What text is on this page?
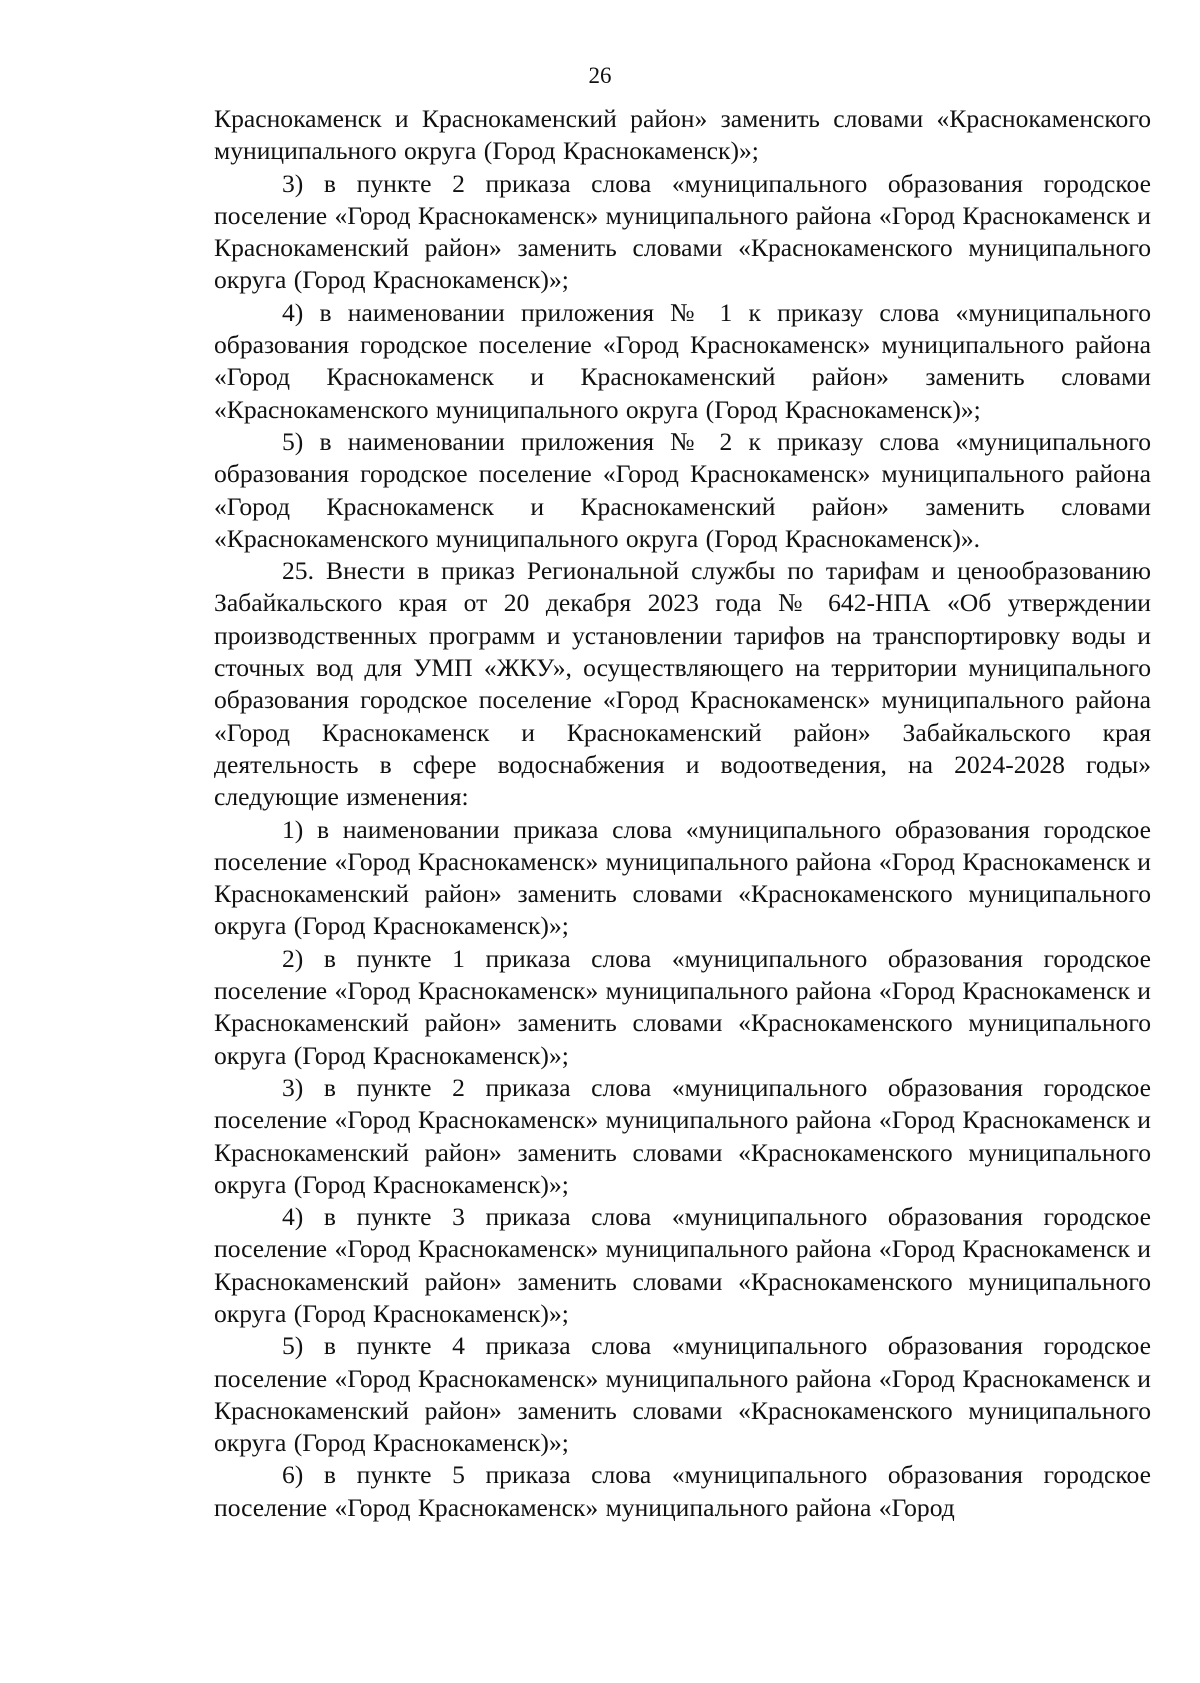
26

Краснокаменск и Краснокаменский район» заменить словами «Краснокаменского муниципального округа (Город Краснокаменск)»;

3) в пункте 2 приказа слова «муниципального образования городское поселение «Город Краснокаменск» муниципального района «Город Краснокаменск и Краснокаменский район» заменить словами «Краснокаменского муниципального округа (Город Краснокаменск)»;

4) в наименовании приложения № 1 к приказу слова «муниципального образования городское поселение «Город Краснокаменск» муниципального района «Город Краснокаменск и Краснокаменский район» заменить словами «Краснокаменского муниципального округа (Город Краснокаменск)»;

5) в наименовании приложения № 2 к приказу слова «муниципального образования городское поселение «Город Краснокаменск» муниципального района «Город Краснокаменск и Краснокаменский район» заменить словами «Краснокаменского муниципального округа (Город Краснокаменск)».

25. Внести в приказ Региональной службы по тарифам и ценообразованию Забайкальского края от 20 декабря 2023 года № 642-НПА «Об утверждении производственных программ и установлении тарифов на транспортировку воды и сточных вод для УМП «ЖКУ», осуществляющего на территории муниципального образования городское поселение «Город Краснокаменск» муниципального района «Город Краснокаменск и Краснокаменский район» Забайкальского края деятельность в сфере водоснабжения и водоотведения, на 2024-2028 годы» следующие изменения:

1) в наименовании приказа слова «муниципального образования городское поселение «Город Краснокаменск» муниципального района «Город Краснокаменск и Краснокаменский район» заменить словами «Краснокаменского муниципального округа (Город Краснокаменск)»;

2) в пункте 1 приказа слова «муниципального образования городское поселение «Город Краснокаменск» муниципального района «Город Краснокаменск и Краснокаменский район» заменить словами «Краснокаменского муниципального округа (Город Краснокаменск)»;

3) в пункте 2 приказа слова «муниципального образования городское поселение «Город Краснокаменск» муниципального района «Город Краснокаменск и Краснокаменский район» заменить словами «Краснокаменского муниципального округа (Город Краснокаменск)»;

4) в пункте 3 приказа слова «муниципального образования городское поселение «Город Краснокаменск» муниципального района «Город Краснокаменск и Краснокаменский район» заменить словами «Краснокаменского муниципального округа (Город Краснокаменск)»;

5) в пункте 4 приказа слова «муниципального образования городское поселение «Город Краснокаменск» муниципального района «Город Краснокаменск и Краснокаменский район» заменить словами «Краснокаменского муниципального округа (Город Краснокаменск)»;

6) в пункте 5 приказа слова «муниципального образования городское поселение «Город Краснокаменск» муниципального района «Город
